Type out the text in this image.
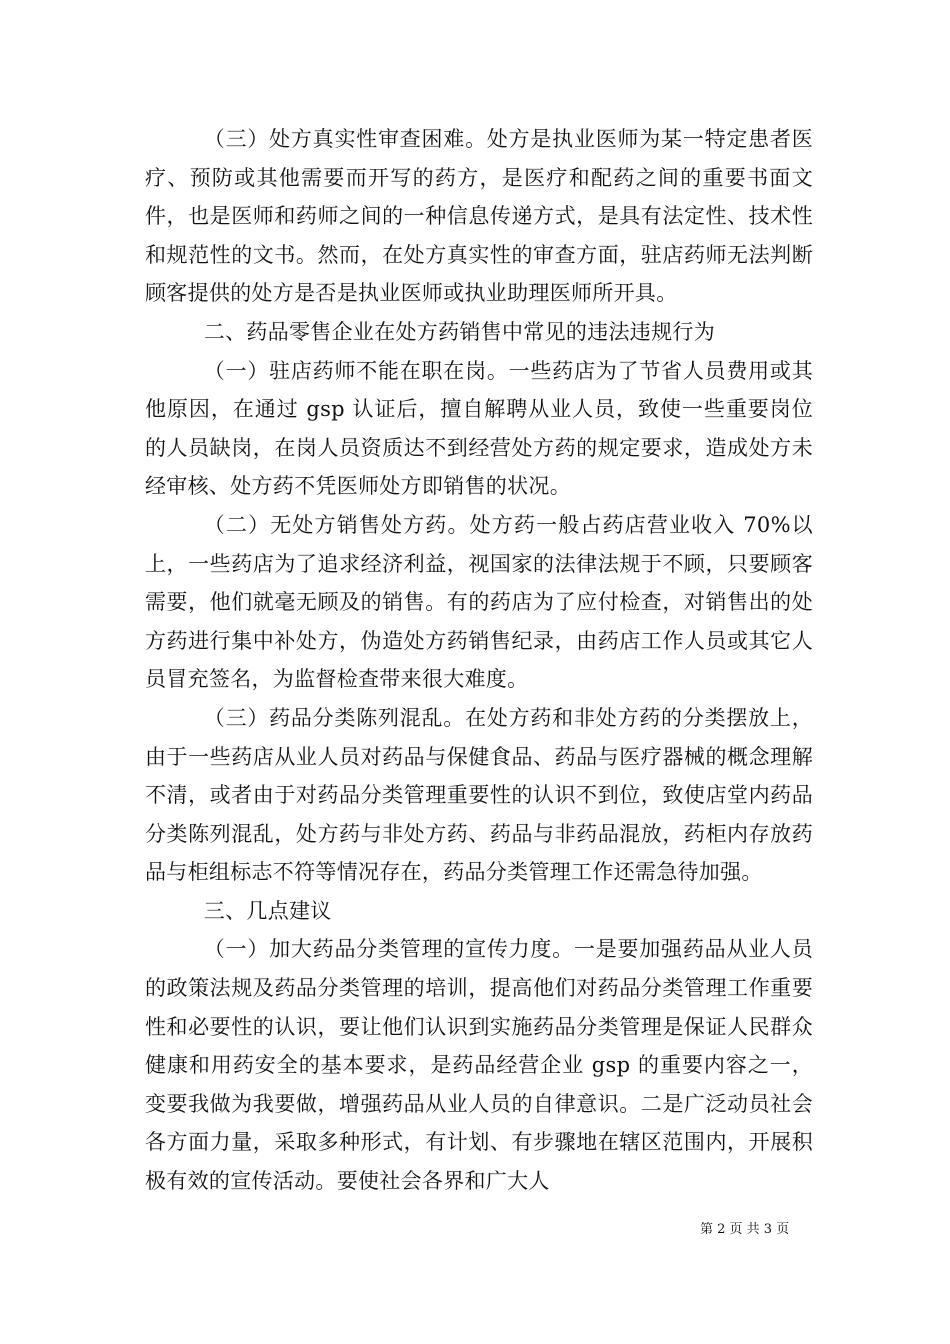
（三）处方真实性审查困难。处方是执业医师为某一特定患者医疗、预防或其他需要而开写的药方，是医疗和配药之间的重要书面文件，也是医师和药师之间的一种信息传递方式，是具有法定性、技术性和规范性的文书。然而，在处方真实性的审查方面，驻店药师无法判断顾客提供的处方是否是执业医师或执业助理医师所开具。

二、药品零售企业在处方药销售中常见的违法违规行为

（一）驻店药师不能在职在岗。一些药店为了节省人员费用或其他原因，在通过 gsp 认证后，擅自解聘从业人员，致使一些重要岗位的人员缺岗，在岗人员资质达不到经营处方药的规定要求，造成处方未经审核、处方药不凭医师处方即销售的状况。

（二）无处方销售处方药。处方药一般占药店营业收入 70%以上，一些药店为了追求经济利益，视国家的法律法规于不顾，只要顾客需要，他们就毫无顾及的销售。有的药店为了应付检查，对销售出的处方药进行集中补处方，伪造处方药销售纪录，由药店工作人员或其它人员冒充签名，为监督检查带来很大难度。

（三）药品分类陈列混乱。在处方药和非处方药的分类摆放上，由于一些药店从业人员对药品与保健食品、药品与医疗器械的概念理解不清，或者由于对药品分类管理重要性的认识不到位，致使店堂内药品分类陈列混乱，处方药与非处方药、药品与非药品混放，药柜内存放药品与柜组标志不符等情况存在，药品分类管理工作还需急待加强。

三、几点建议

（一）加大药品分类管理的宣传力度。一是要加强药品从业人员的政策法规及药品分类管理的培训，提高他们对药品分类管理工作重要性和必要性的认识，要让他们认识到实施药品分类管理是保证人民群众健康和用药安全的基本要求，是药品经营企业 gsp 的重要内容之一，变要我做为我要做，增强药品从业人员的自律意识。二是广泛动员社会各方面力量，采取多种形式，有计划、有步骤地在辖区范围内，开展积极有效的宣传活动。要使社会各界和广大人

第 2 页 共 3 页
